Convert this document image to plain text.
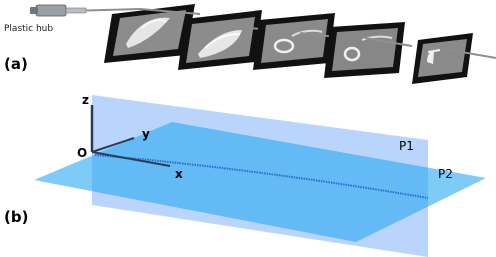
(a)
Plastic hub
(b)
z
y
x
O	P1
P2
